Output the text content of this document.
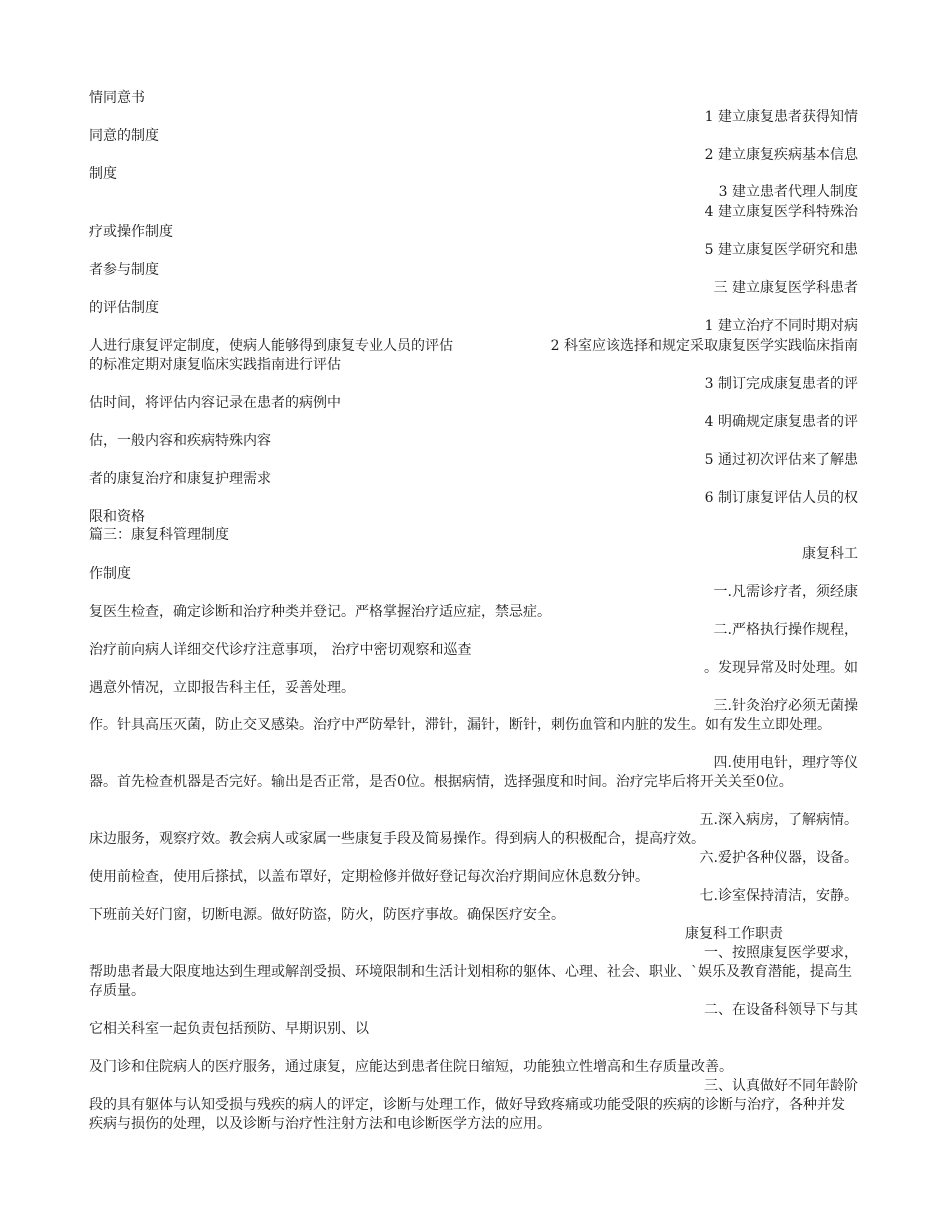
情同意书
1 建立康复患者获得知情
同意的制度
2 建立康复疾病基本信息
制度
3 建立患者代理人制度
4 建立康复医学科特殊治
疗或操作制度
5 建立康复医学研究和患
者参与制度
三 建立康复医学科患者
的评估制度
1 建立治疗不同时期对病
人进行康复评定制度，使病人能够得到康复专业人员的评估	2 科室应该选择和规定采取康复医学实践临床指南
的标准定期对康复临床实践指南进行评估
3 制订完成康复患者的评
估时间，将评估内容记录在患者的病例中
4 明确规定康复患者的评
估，一般内容和疾病特殊内容
5 通过初次评估来了解患
者的康复治疗和康复护理需求
6 制订康复评估人员的权
限和资格
篇三：康复科管理制度
康复科工
作制度
一.凡需诊疗者，须经康
复医生检查，确定诊断和治疗种类并登记。严格掌握治疗适应症，禁忌症。
二.严格执行操作规程，
治疗前向病人详细交代诊疗注意事项， 治疗中密切观察和巡查
。发现异常及时处理。如
遇意外情况，立即报告科主任，妥善处理。
三.针灸治疗必须无菌操
作。针具高压灭菌，防止交叉感染。治疗中严防晕针，滞针，漏针，断针，刺伤血管和内脏的发生。如有发生立即处理。
四.使用电针，理疗等仪
器。首先检查机器是否完好。输出是否正常，是否0位。根据病情，选择强度和时间。治疗完毕后将开关关至0位。
五.深入病房，了解病情。
床边服务，观察疗效。教会病人或家属一些康复手段及简易操作。得到病人的积极配合，提高疗效。
六.爱护各种仪器，设备。
使用前检查，使用后搽拭，以盖布罩好，定期检修并做好登记每次治疗期间应休息数分钟。
七.诊室保持清洁，安静。
下班前关好门窗，切断电源。做好防盗，防火，防医疗事故。确保医疗安全。
康复科工作职责
一、按照康复医学要求，
帮助患者最大限度地达到生理或解剖受损、环境限制和生活计划相称的躯体、心理、社会、职业、`娱乐及教育潜能，提高生存质量。
二、在设备科领导下与其
它相关科室一起负责包括预防、早期识别、以
及门诊和住院病人的医疗服务，通过康复，应能达到患者住院日缩短，功能独立性增高和生存质量改善。
三、认真做好不同年龄阶
段的具有躯体与认知受损与残疾的病人的评定，诊断与处理工作，做好导致疼痛或功能受限的疾病的诊断与治疗，各种并发疾病与损伤的处理，以及诊断与治疗性注射方法和电诊断医学方法的应用。
